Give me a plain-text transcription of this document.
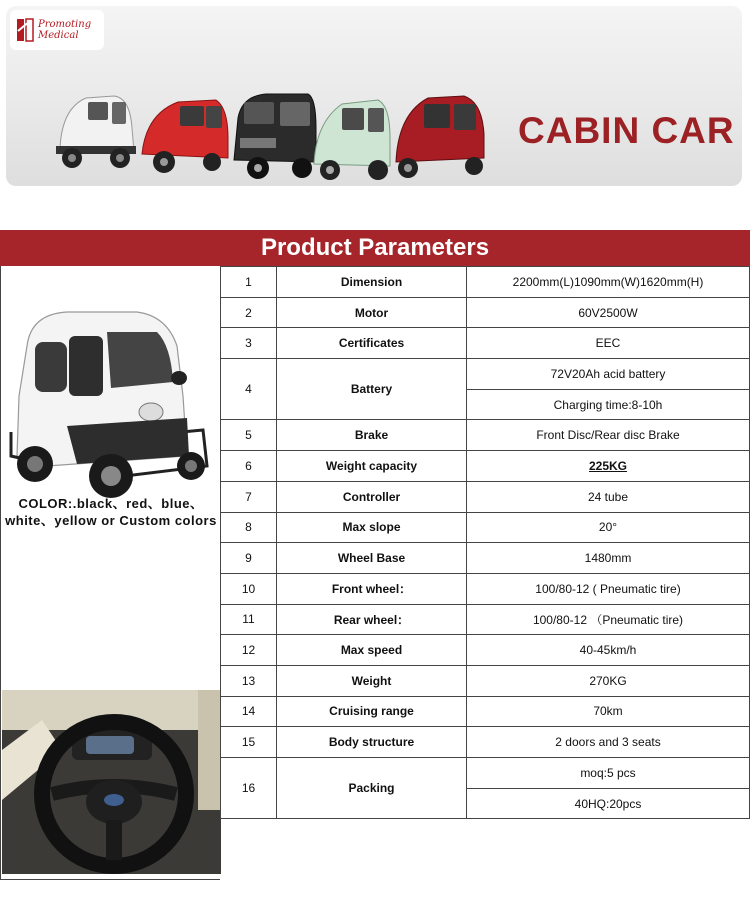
Promoting
Medical
CABIN CAR
Product Parameters
COLOR:.black、red、blue、white、yellow or Custom colors
1	Dimension	2200mm(L)1090mm(W)1620mm(H)
2	Motor	60V2500W
3	Certificates	EEC
4	Battery	72V20Ah acid battery
		Charging time:8-10h
5	Brake	Front Disc/Rear disc Brake
6	Weight capacity	225KG
7	Controller	24 tube
8	Max slope	20°
9	Wheel Base	1480mm
10	Front wheel：	100/80-12 ( Pneumatic tire)
11	Rear wheel：	100/80-12 （Pneumatic tire)
12	Max speed	40-45km/h
13	Weight	270KG
14	Cruising range	70km
15	Body structure	2 doors and 3 seats
16	Packing	moq:5 pcs
		40HQ:20pcs
